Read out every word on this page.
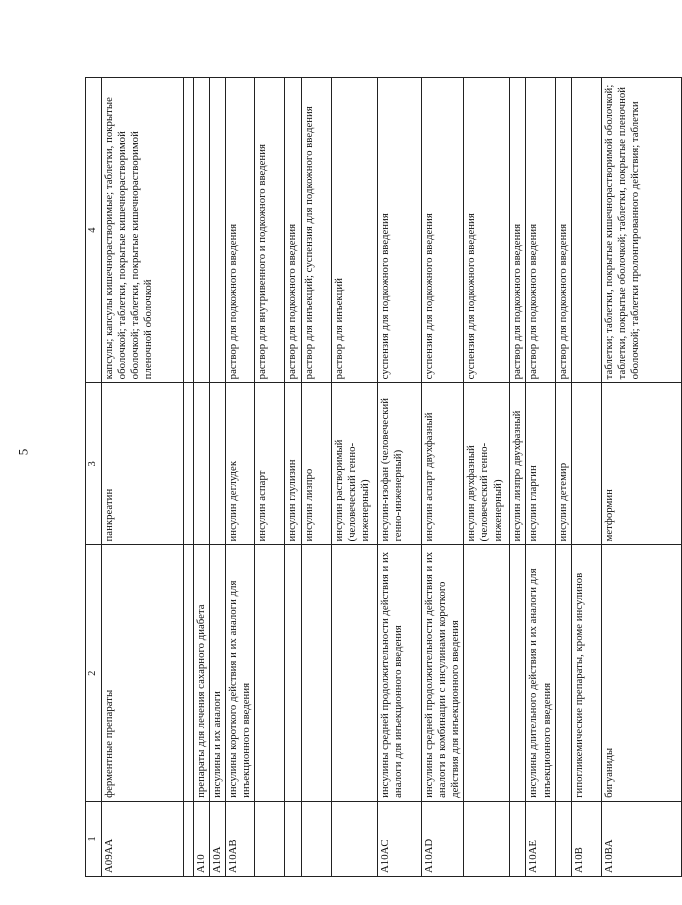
5
1	2	3	4
A09AA	ферментные препараты	панкреатин	капсулы; капсулы кишечнорастворимые; таблетки, покрытые оболочкой; таблетки, покрытые кишечнорастворимой оболочкой; таблетки, покрытые кишечнорастворимой пленочной оболочкой

A10	препараты для лечения сахарного диабета		
A10A	инсулины и их аналоги		
A10AB	инсулины короткого действия и их аналоги для инъекционного введения	инсулин деглудек	раствор для подкожного введения
		инсулин аспарт	раствор для внутривенного и подкожного введения
		инсулин глулизин	раствор для подкожного введения
		инсулин лизпро	раствор для инъекций; суспензия для подкожного введения
		инсулин растворимый (человеческий генно-инженерный)	раствор для инъекций
A10AC	инсулины средней продолжительности действия и их аналоги для инъекционного введения	инсулин-изофан (человеческий генно-инженерный)	суспензия для подкожного введения
A10AD	инсулины средней продолжительности действия и их аналоги в комбинации с инсулинами короткого действия для инъекционного введения	инсулин аспарт двухфазный	суспензия для подкожного введения
		инсулин двухфазный (человеческий генно-инженерный)	суспензия для подкожного введения
		инсулин лизпро двухфазный	раствор для подкожного введения
A10AE	инсулины длительного действия и их аналоги для инъекционного введения	инсулин гларгин	раствор для подкожного введения
		инсулин детемир	раствор для подкожного введения
A10B	гипогликемические препараты, кроме инсулинов		
A10BA	бигуаниды	метформин	таблетки; таблетки, покрытые кишечнорастворимой оболочкой; таблетки, покрытые оболочкой; таблетки, покрытые пленочной оболочкой; таблетки пролонгированного действия; таблетки
